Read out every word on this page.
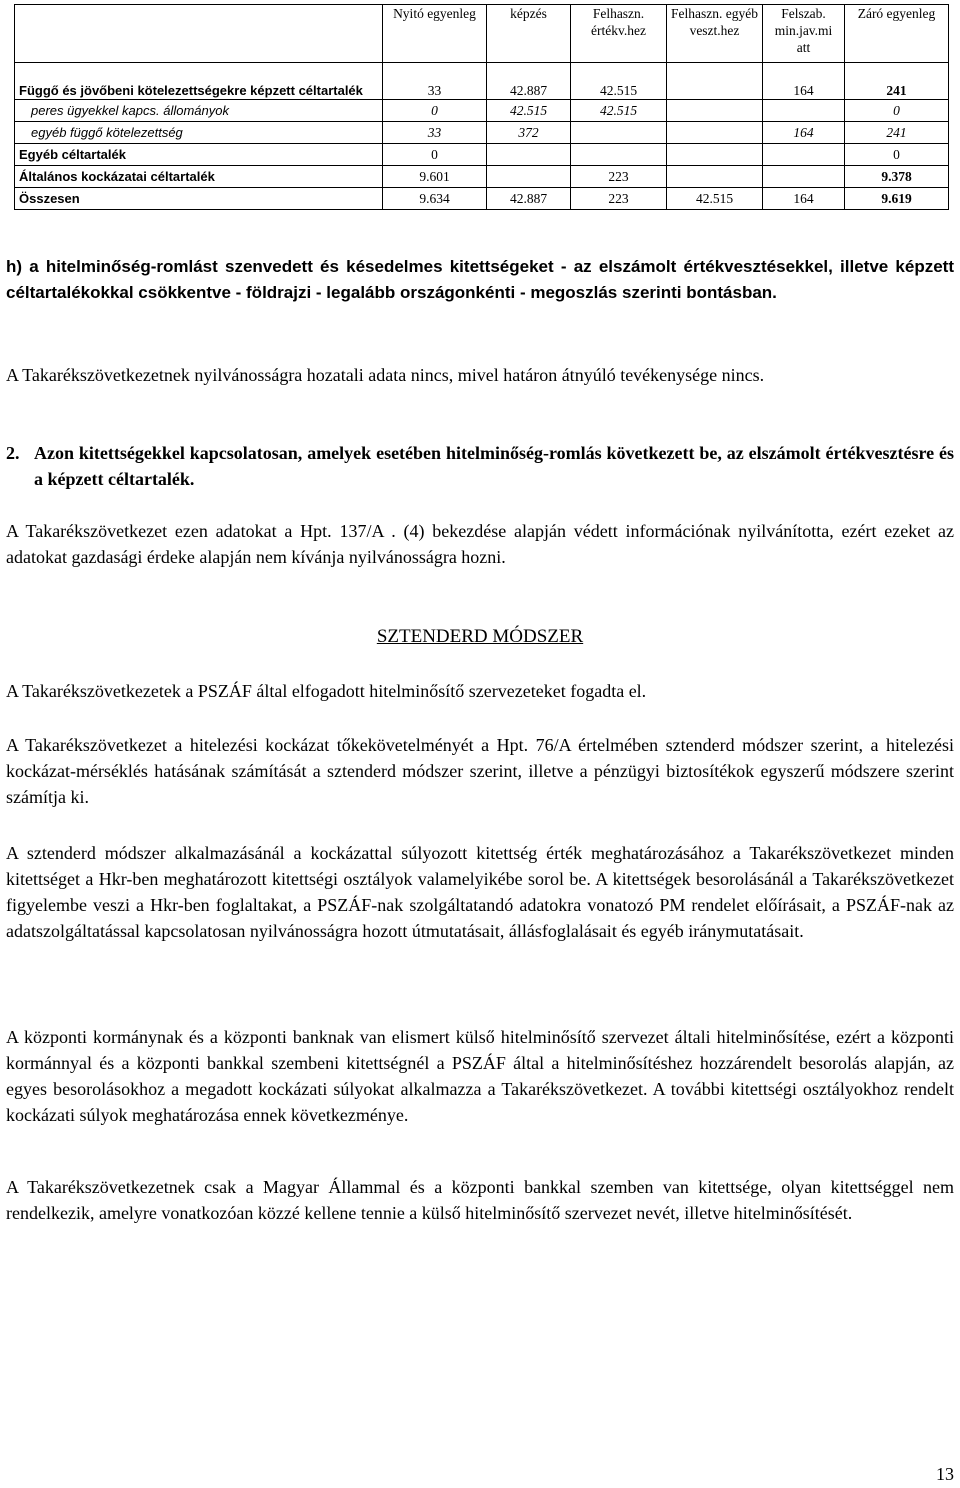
	Nyitó egyenleg	képzés	Felhaszn. értékv.hez	Felhaszn. egyéb veszt.hez	Felszab. min.jav.mi att	Záró egyenleg
Függő és jövőbeni kötelezettségekre képzett céltartalék	33	42.887	42.515		164	241
peres ügyekkel kapcs. állományok	0	42.515	42.515			0
egyéb függő kötelezettség	33	372			164	241
Egyéb céltartalék	0					0
Általános kockázatai céltartalék	9.601		223			9.378
Összesen	9.634	42.887	223	42.515	164	9.619

h) a hitelminőség-romlást szenvedett és késedelmes kitettségeket - az elszámolt értékvesztésekkel, illetve képzett céltartalékokkal csökkentve - földrajzi - legalább országonkénti - megoszlás szerinti bontásban.

A Takarékszövetkezetnek nyilvánosságra hozatali adata nincs, mivel határon átnyúló tevékenysége nincs.

2. Azon kitettségekkel kapcsolatosan, amelyek esetében hitelminőség-romlás következett be, az elszámolt értékvesztésre és a képzett céltartalék.

A Takarékszövetkezet ezen adatokat a Hpt. 137/A . (4) bekezdése alapján védett információnak nyilvánította, ezért ezeket az adatokat gazdasági érdeke alapján nem kívánja nyilvánosságra hozni.

SZTENDERD MÓDSZER

A Takarékszövetkezetek a PSZÁF által elfogadott hitelminősítő szervezeteket fogadta el.

A Takarékszövetkezet a hitelezési kockázat tőkekövetelményét a Hpt. 76/A értelmében sztenderd módszer szerint, a hitelezési kockázat-mérséklés hatásának számítását a sztenderd módszer szerint, illetve a pénzügyi biztosítékok egyszerű módszere szerint számítja ki.

A sztenderd módszer alkalmazásánál a kockázattal súlyozott kitettség érték meghatározásához a Takarékszövetkezet minden kitettséget a Hkr-ben meghatározott kitettségi osztályok valamelyikébe sorol be. A kitettségek besorolásánál a Takarékszövetkezet figyelembe veszi a Hkr-ben foglaltakat, a PSZÁF-nak szolgáltatandó adatokra vonatozó PM rendelet előírásait, a PSZÁF-nak az adatszolgáltatással kapcsolatosan nyilvánosságra hozott útmutatásait, állásfoglalásait és egyéb iránymutatásait.

A központi kormánynak és a központi banknak van elismert külső hitelminősítő szervezet általi hitelminősítése, ezért a központi kormánnyal és a központi bankkal szembeni kitettségnél a PSZÁF által a hitelminősítéshez hozzárendelt besorolás alapján, az egyes besorolásokhoz a megadott kockázati súlyokat alkalmazza a Takarékszövetkezet. A további kitettségi osztályokhoz rendelt kockázati súlyok meghatározása ennek következménye.

A Takarékszövetkezetnek csak a Magyar Állammal és a központi bankkal szemben van kitettsége, olyan kitettséggel nem rendelkezik, amelyre vonatkozóan közzé kellene tennie a külső hitelminősítő szervezet nevét, illetve hitelminősítését.

13
